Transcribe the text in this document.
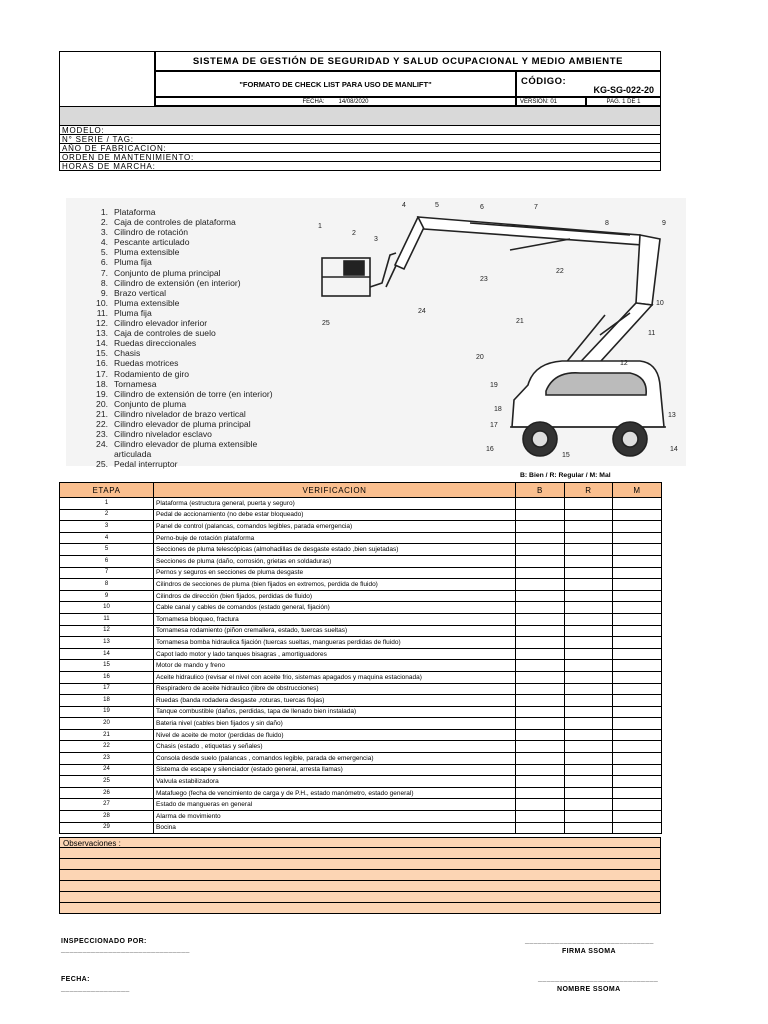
SISTEMA DE GESTIÓN DE SEGURIDAD Y SALUD OCUPACIONAL Y MEDIO AMBIENTE
"FORMATO DE CHECK LIST PARA USO DE MANLIFT"	CÓDIGO:
KG-SG-022-20
FECHA: 14/08/2020	VERSIÓN: 01	PAG. 1 DE 1
MODELO:
N° SERIE / TAG:
AÑO DE FABRICACION:
ORDEN DE MANTENIMIENTO:
HORAS DE MARCHA:
1. Plataforma
2. Caja de controles de plataforma
3. Cilindro de rotación
4. Pescante articulado
5. Pluma extensible
6. Pluma fija
7. Conjunto de pluma principal
8. Cilindro de extensión (en interior)
9. Brazo vertical
10. Pluma extensible
11. Pluma fija
12. Cilindro elevador inferior
13. Caja de controles de suelo
14. Ruedas direccionales
15. Chasis
16. Ruedas motrices
17. Rodamiento de giro
18. Tornamesa
19. Cilindro de extensión de torre (en interior)
20. Conjunto de pluma
21. Cilindro nivelador de brazo vertical
22. Cilindro elevador de pluma principal
23. Cilindro nivelador esclavo
24. Cilindro elevador de pluma extensible
articulada
25. Pedal interruptor
1
2
3
4	5	6	7
8	9
10
11
12
13
14
15
16
17
18
19
20
21
22
23
24
25
B: Bien / R: Regular / M: Mal
ETAPA	VERIFICACION	B	R	M
1	Plataforma (estructura general, puerta y seguro)			
2	Pedal de accionamiento (no debe estar bloqueado)			
3	Panel de control (palancas, comandos legibles, parada emergencia)			
4	Perno-buje de rotación plataforma			
5	Secciones de pluma telescópicas (almohadillas de desgaste estado ,bien sujetadas)			
6	Secciones de pluma (daño, corrosión, grietas en soldaduras)			
7	Pernos y seguros en secciones de pluma desgaste			
8	Cilindros de secciones de pluma (bien fijados en extremos, perdida de fluido)			
9	Cilindros de dirección (bien fijados, perdidas de fluido)			
10	Cable canal y cables de comandos (estado general, fijación)			
11	Tornamesa bloqueo, fractura			
12	Tornamesa rodamiento (piñon cremallera, estado, tuercas sueltas)			
13	Tornamesa bomba hidraulica fijación (tuercas sueltas, mangueras perdidas de fluido)			
14	Capot lado motor y lado tanques bisagras , amortiguadores			
15	Motor de mando y freno			
16	Aceite hidraulico (revisar el nivel con aceite frio, sistemas apagados y maquina estacionada)			
17	Respiradero de aceite hidraulico (libre de obstrucciones)			
18	Ruedas (banda rodadera desgaste ,roturas, tuercas flojas)			
19	Tanque combustible (daños, perdidas, tapa de llenado bien instalada)			
20	Bateria nivel (cables bien fijados y sin daño)			
21	Nivel de aceite de motor (perdidas de fluido)			
22	Chasis (estado , etiquetas y señales)			
23	Consola desde suelo (palancas , comandos legible, parada de emergencia)			
24	Sistema de escape y silenciador (estado general, arresta llamas)			
25	Valvula estabilizadora			
26	Matafuego (fecha de vencimiento de carga y de P.H., estado manómetro, estado general)			
27	Estado de mangueras en general			
28	Alarma de movimiento			
29	Bocina			
Observaciones :
INSPECCIONADO POR:
______________________________
FECHA:
________________
______________________________
FIRMA SSOMA
____________________________
NOMBRE SSOMA
